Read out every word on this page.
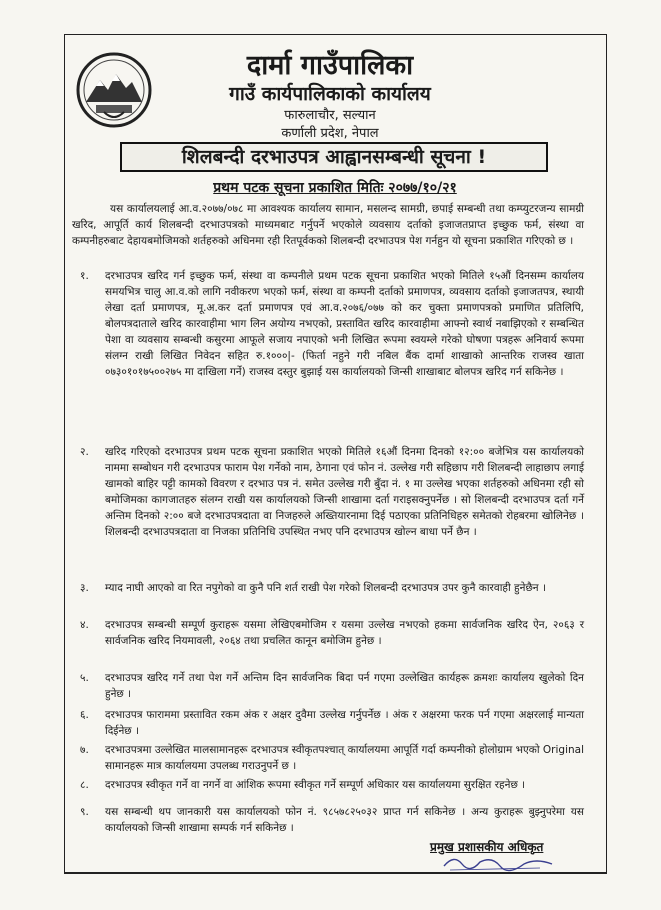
दार्मा गाउँपालिका
गाउँ कार्यपालिकाको कार्यालय
फारुलाचौर, सल्यान
कर्णाली प्रदेश, नेपाल
शिलबन्दी दरभाउपत्र आह्वानसम्बन्धी सूचना !
प्रथम पटक सूचना प्रकाशित मितिः २०७७/१०/२१
यस कार्यालयलाई आ.व.२०७७/०७८ मा आवश्यक कार्यालय सामान, मसलन्द सामग्री, छपाई सम्बन्धी तथा कम्प्युटरजन्य सामग्री खरिद, आपूर्ति कार्य शिलबन्दी दरभाउपत्रको माध्यमबाट गर्नुपर्ने भएकोले व्यवसाय दर्ताको इजाजतप्राप्त इच्छुक फर्म, संस्था वा कम्पनीहरुबाट देहायबमोजिमको शर्तहरुको अधिनमा रही रितपूर्वकको शिलबन्दी दरभाउपत्र पेश गर्नहुन यो सूचना प्रकाशित गरिएको छ ।
१. दरभाउपत्र खरिद गर्न इच्छुक फर्म, संस्था वा कम्पनीले प्रथम पटक सूचना प्रकाशित भएको मितिले १५औं दिनसम्म कार्यालय समयभित्र चालु आ.व.को लागि नवीकरण भएको फर्म, संस्था वा कम्पनी दर्ताको प्रमाणपत्र, व्यवसाय दर्ताको इजाजतपत्र, स्थायी लेखा दर्ता प्रमाणपत्र, मू.अ.कर दर्ता प्रमाणपत्र एवं आ.व.२०७६/०७७ को कर चुक्ता प्रमाणपत्रको प्रमाणित प्रतिलिपि, बोलपत्रदाताले खरिद कारवाहीमा भाग लिन अयोग्य नभएको, प्रस्तावित खरिद कारवाहीमा आफ्नो स्वार्थ नबाझिएको र सम्बन्धित पेशा वा व्यवसाय सम्बन्धी कसुरमा आफूले सजाय नपाएको भनी लिखित रूपमा स्वयम्ले गरेको घोषणा पत्रहरू अनिवार्य रूपमा संलग्न राखी लिखित निवेदन सहित रु.१०००|- (फिर्ता नहुने गरी नबिल बैंक दार्मा शाखाको आन्तरिक राजस्व खाता ०७३०१०१७५००२७५ मा दाखिला गर्ने) राजस्व दस्तुर बुझाई यस कार्यालयको जिन्सी शाखाबाट बोलपत्र खरिद गर्न सकिनेछ ।
२. खरिद गरिएको दरभाउपत्र प्रथम पटक सूचना प्रकाशित भएको मितिले १६औं दिनमा दिनको १२:०० बजेभित्र यस कार्यालयको नाममा सम्बोधन गरी दरभाउपत्र फाराम पेश गर्नेको नाम, ठेगाना एवं फोन नं. उल्लेख गरी सहिछाप गरी शिलबन्दी लाहाछाप लगाई खामको बाहिर पट्टी कामको विवरण र दरभाउ पत्र नं. समेत उल्लेख गरी बुँदा नं. १ मा उल्लेख भएका शर्तहरुको अधिनमा रही सो बमोजिमका कागजातहरु संलग्न राखी यस कार्यालयको जिन्सी शाखामा दर्ता गराइसक्नुपर्नेछ । सो शिलबन्दी दरभाउपत्र दर्ता गर्ने अन्तिम दिनको २:०० बजे दरभाउपत्रदाता वा निजहरुले अख्तियारनामा दिई पठाएका प्रतिनिधिहरु समेतको रोहबरमा खोलिनेछ । शिलबन्दी दरभाउपत्रदाता वा निजका प्रतिनिधि उपस्थित नभए पनि दरभाउपत्र खोल्न बाधा पर्ने छैन ।
३. म्याद नाघी आएको वा रित नपुगेको वा कुनै पनि शर्त राखी पेश गरेको शिलबन्दी दरभाउपत्र उपर कुनै कारवाही हुनेछैन ।
४. दरभाउपत्र सम्बन्धी सम्पूर्ण कुराहरू यसमा लेखिएबमोजिम र यसमा उल्लेख नभएको हकमा सार्वजनिक खरिद ऐन, २०६३ र सार्वजनिक खरिद नियमावली, २०६४ तथा प्रचलित कानून बमोजिम हुनेछ ।
५. दरभाउपत्र खरिद गर्ने तथा पेश गर्ने अन्तिम दिन सार्वजनिक बिदा पर्न गएमा उल्लेखित कार्यहरू क्रमशः कार्यालय खुलेको दिन हुनेछ ।
६. दरभाउपत्र फाराममा प्रस्तावित रकम अंक र अक्षर दुवैमा उल्लेख गर्नुपर्नेछ । अंक र अक्षरमा फरक पर्न गएमा अक्षरलाई मान्यता दिईनेछ ।
७. दरभाउपत्रमा उल्लेखित मालसामानहरू दरभाउपत्र स्वीकृतपश्चात् कार्यालयमा आपूर्ति गर्दा कम्पनीको होलोग्राम भएको Original सामानहरू मात्र कार्यालयमा उपलब्ध गराउनुपर्ने छ ।
८. दरभाउपत्र स्वीकृत गर्ने वा नगर्ने वा आंशिक रूपमा स्वीकृत गर्ने सम्पूर्ण अधिकार यस कार्यालयमा सुरक्षित रहनेछ ।
९. यस सम्बन्धी थप जानकारी यस कार्यालयको फोन नं. ९८५७८२५०३२ प्राप्त गर्न सकिनेछ । अन्य कुराहरू बुझ्नुपरेमा यस कार्यालयको जिन्सी शाखामा सम्पर्क गर्न सकिनेछ ।
प्रमुख प्रशासकीय अधिकृत
